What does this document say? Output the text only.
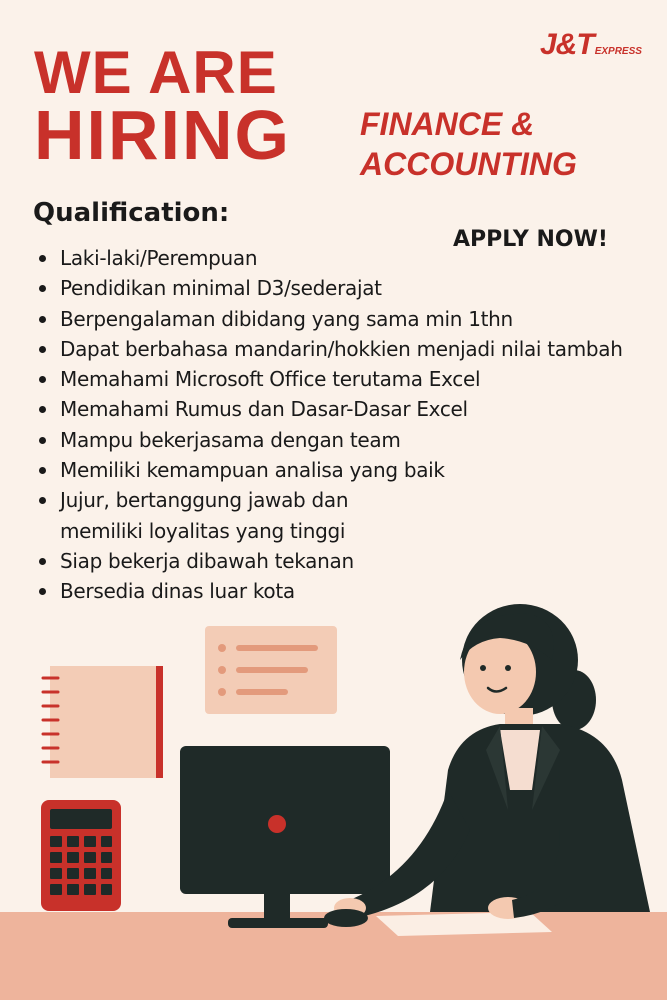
WE ARE
HIRING
J&TEXPRESS
FINANCE &
ACCOUNTING
Qualification:
APPLY NOW!
Laki-laki/Perempuan
Pendidikan minimal D3/sederajat
Berpengalaman dibidang yang sama min 1thn
Dapat berbahasa mandarin/hokkien menjadi nilai tambah
Memahami Microsoft Office terutama Excel
Memahami Rumus dan Dasar-Dasar Excel
Mampu bekerjasama dengan team
Memiliki kemampuan analisa yang baik
Jujur, bertanggung jawab dan
memiliki loyalitas yang tinggi
Siap bekerja dibawah tekanan
Bersedia dinas luar kota
